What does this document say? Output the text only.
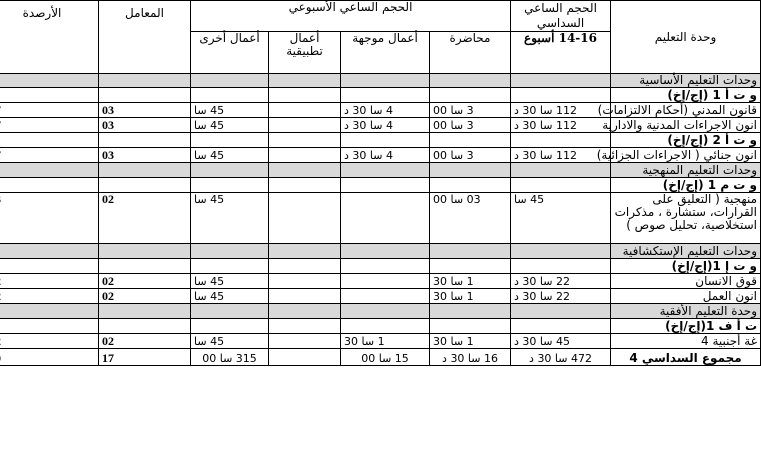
وحدة التعليم	الحجم الساعي السداسي	الحجم الساعي الأسبوعي				المعامل	الأرصدة
	14-16 أسبوع	محاضرة	أعمال موجهة	أعمال تطبيقية	أعمال أخرى		
وحدات التعليم الأساسية							
و ت أ 1 (إج/إخ)							
قانون المدني (أحكام الالتزامات)	112 سا 30 د	3 سا 00	4 سا 30 د		45 سا	03	
انون الاجراءات المدنية والادارية	112 سا 30 د	3 سا 00	4 سا 30 د		45 سا	03	
و ت أ 2 (إج/إخ)							
انون جنائي ( الاجراءات الجزائية)	112 سا 30 د	3 سا 00	4 سا 30 د		45 سا	03	
وحدات التعليم المنهجية							
و ت م 1 (إج/إخ)							
منهجية ( التعليق على القرارات، ستشارة ، مذكرات استخلاصية، تحليل صوص )	45 سا	03 سا 00			45 سا	02	
وحدات التعليم الإستكشافية							
و ت إ 1(إج/إخ)							
قوق الانسان	22 سا 30 د	1 سا 30			45 سا	02	
انون العمل	22 سا 30 د	1 سا 30			45 سا	02	
وحدة التعليم الأفقية							
ت أ ف 1(إج/إخ)							
غة أجنبية 4	45 سا 30 د	1 سا 30	1 سا 30		45 سا	02	
مجموع السداسي 4	472 سا 30 د	16 سا 30 د	15 سا 00		315 سا 00	17	
